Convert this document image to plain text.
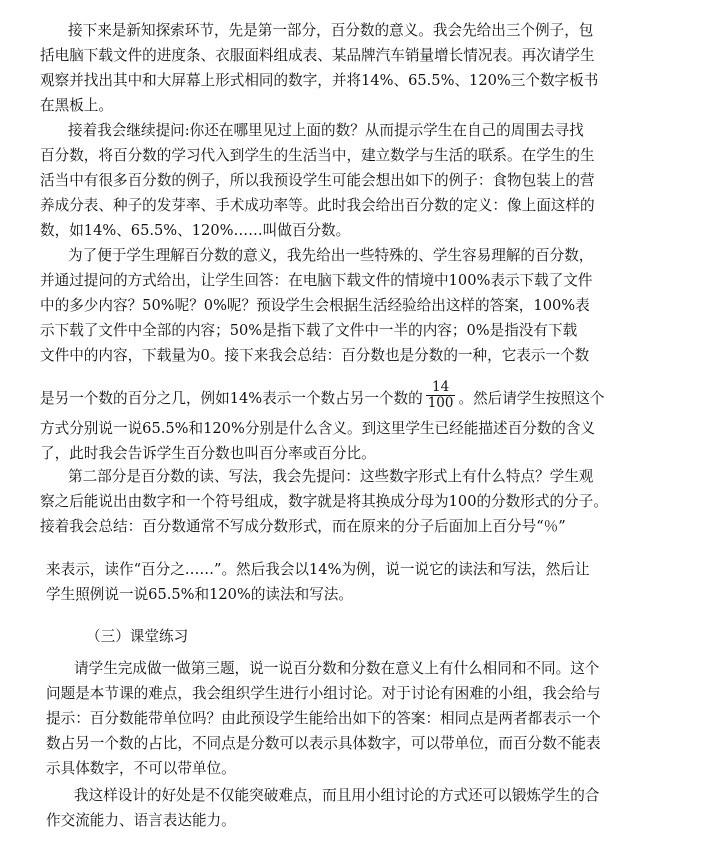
接下来是新知探索环节，先是第一部分，百分数的意义。我会先给出三个例子，包
括电脑下载文件的进度条、衣服面料组成表、某品牌汽车销量增长情况表。再次请学生
观察并找出其中和大屏幕上形式相同的数字，并将14%、65.5%、120%三个数字板书
在黑板上。
接着我会继续提问:你还在哪里见过上面的数？从而提示学生在自己的周围去寻找
百分数，将百分数的学习代入到学生的生活当中，建立数学与生活的联系。在学生的生
活当中有很多百分数的例子，所以我预设学生可能会想出如下的例子：食物包装上的营
养成分表、种子的发芽率、手术成功率等。此时我会给出百分数的定义：像上面这样的
数，如14%、65.5%、120%……叫做百分数。
为了便于学生理解百分数的意义，我先给出一些特殊的、学生容易理解的百分数，
并通过提问的方式给出，让学生回答：在电脑下载文件的情境中100%表示下载了文件
中的多少内容？50%呢？0%呢？预设学生会根据生活经验给出这样的答案，100%表
示下载了文件中全部的内容；50%是指下载了文件中一半的内容；0%是指没有下载
文件中的内容，下载量为0。接下来我会总结：百分数也是分数的一种，它表示一个数
是另一个数的百分之几，例如14%表示一个数占另一个数的 $\frac{14}{100}$ 。然后请学生按照这个
方式分别说一说65.5%和120%分别是什么含义。到这里学生已经能描述百分数的含义
了，此时我会告诉学生百分数也叫百分率或百分比。
第二部分是百分数的读、写法，我会先提问：这些数字形式上有什么特点？学生观
察之后能说出由数字和一个符号组成，数字就是将其换成分母为100的分数形式的分子。
接着我会总结：百分数通常不写成分数形式，而在原来的分子后面加上百分号“％”
来表示，读作“百分之……”。然后我会以14%为例，说一说它的读法和写法，然后让
学生照例说一说65.5%和120%的读法和写法。
（三）课堂练习
请学生完成做一做第三题，说一说百分数和分数在意义上有什么相同和不同。这个
问题是本节课的难点，我会组织学生进行小组讨论。对于讨论有困难的小组，我会给与
提示：百分数能带单位吗？由此预设学生能给出如下的答案：相同点是两者都表示一个
数占另一个数的占比，不同点是分数可以表示具体数字，可以带单位，而百分数不能表
示具体数字，不可以带单位。
我这样设计的好处是不仅能突破难点，而且用小组讨论的方式还可以锻炼学生的合
作交流能力、语言表达能力。
